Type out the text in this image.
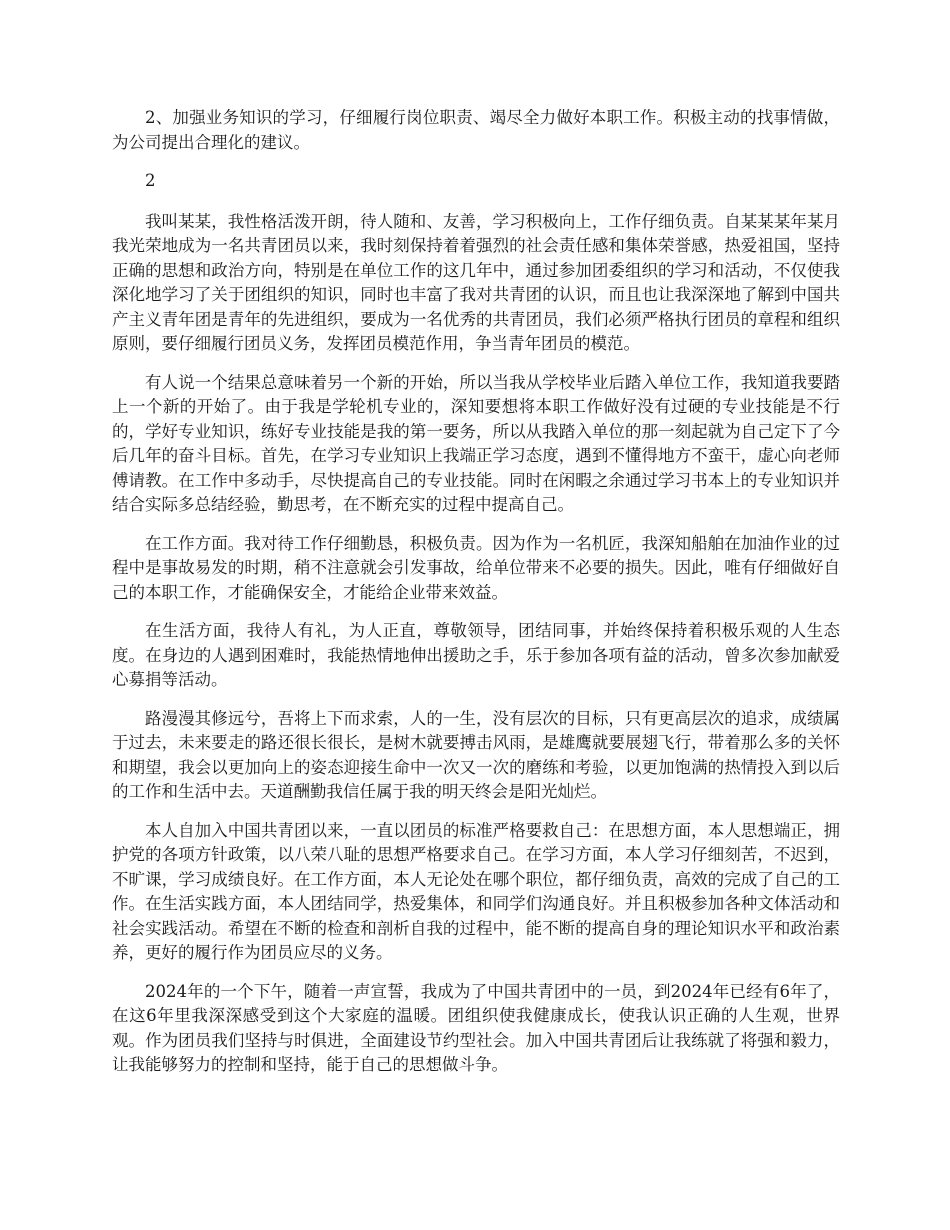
2、加强业务知识的学习，仔细履行岗位职责、竭尽全力做好本职工作。积极主动的找事情做，为公司提出合理化的建议。

2

我叫某某，我性格活泼开朗，待人随和、友善，学习积极向上，工作仔细负责。自某某某年某月我光荣地成为一名共青团员以来，我时刻保持着着强烈的社会责任感和集体荣誉感，热爱祖国，坚持正确的思想和政治方向，特别是在单位工作的这几年中，通过参加团委组织的学习和活动，不仅使我深化地学习了关于团组织的知识，同时也丰富了我对共青团的认识，而且也让我深深地了解到中国共产主义青年团是青年的先进组织，要成为一名优秀的共青团员，我们必须严格执行团员的章程和组织原则，要仔细履行团员义务，发挥团员模范作用，争当青年团员的模范。

有人说一个结果总意味着另一个新的开始，所以当我从学校毕业后踏入单位工作，我知道我要踏上一个新的开始了。由于我是学轮机专业的，深知要想将本职工作做好没有过硬的专业技能是不行的，学好专业知识，练好专业技能是我的第一要务，所以从我踏入单位的那一刻起就为自己定下了今后几年的奋斗目标。首先，在学习专业知识上我端正学习态度，遇到不懂得地方不蛮干，虚心向老师傅请教。在工作中多动手，尽快提高自己的专业技能。同时在闲暇之余通过学习书本上的专业知识并结合实际多总结经验，勤思考，在不断充实的过程中提高自己。

在工作方面。我对待工作仔细勤恳，积极负责。因为作为一名机匠，我深知船舶在加油作业的过程中是事故易发的时期，稍不注意就会引发事故，给单位带来不必要的损失。因此，唯有仔细做好自己的本职工作，才能确保安全，才能给企业带来效益。

在生活方面，我待人有礼，为人正直，尊敬领导，团结同事，并始终保持着积极乐观的人生态度。在身边的人遇到困难时，我能热情地伸出援助之手，乐于参加各项有益的活动，曾多次参加献爱心募捐等活动。

路漫漫其修远兮，吾将上下而求索，人的一生，没有层次的目标，只有更高层次的追求，成绩属于过去，未来要走的路还很长很长，是树木就要搏击风雨，是雄鹰就要展翅飞行，带着那么多的关怀和期望，我会以更加向上的姿态迎接生命中一次又一次的磨练和考验，以更加饱满的热情投入到以后的工作和生活中去。天道酬勤我信任属于我的明天终会是阳光灿烂。

本人自加入中国共青团以来，一直以团员的标准严格要救自己：在思想方面，本人思想端正，拥护党的各项方针政策，以八荣八耻的思想严格要求自己。在学习方面，本人学习仔细刻苦，不迟到，不旷课，学习成绩良好。在工作方面，本人无论处在哪个职位，都仔细负责，高效的完成了自己的工作。在生活实践方面，本人团结同学，热爱集体，和同学们沟通良好。并且积极参加各种文体活动和社会实践活动。希望在不断的检查和剖析自我的过程中，能不断的提高自身的理论知识水平和政治素养，更好的履行作为团员应尽的义务。

2024年的一个下午，随着一声宣誓，我成为了中国共青团中的一员，到2024年已经有6年了，在这6年里我深深感受到这个大家庭的温暖。团组织使我健康成长，使我认识正确的人生观，世界观。作为团员我们坚持与时俱进，全面建设节约型社会。加入中国共青团后让我练就了将强和毅力，让我能够努力的控制和坚持，能于自己的思想做斗争。
